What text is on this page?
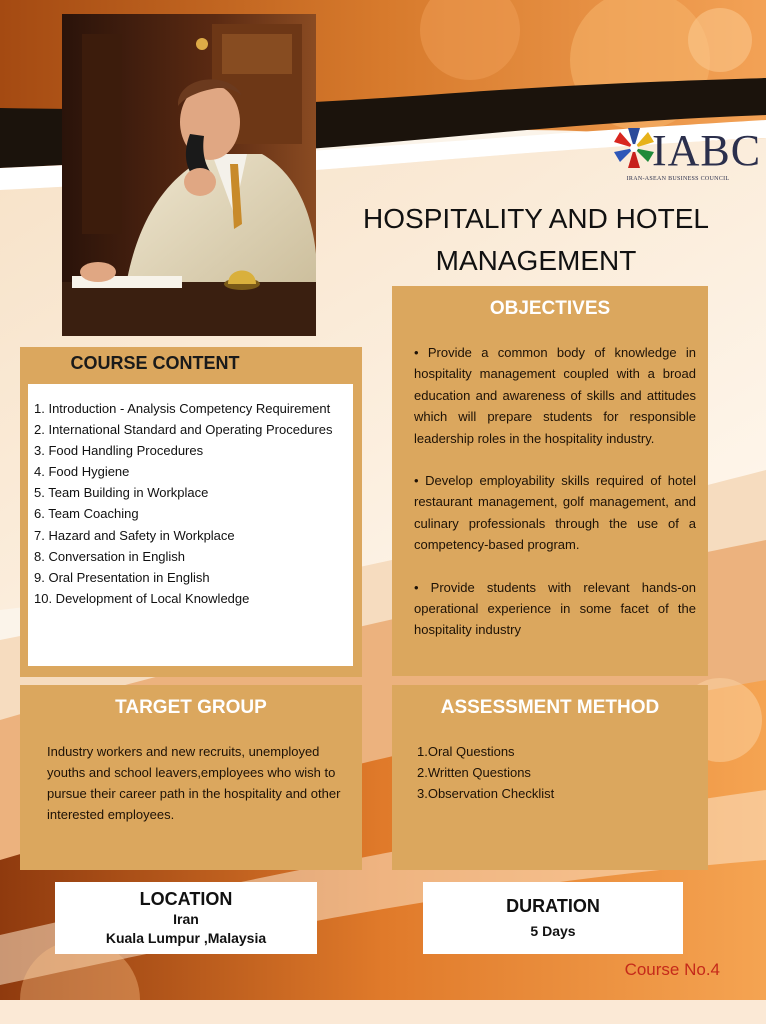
IABC
IRAN-ASEAN BUSINESS COUNCIL
HOSPITALITY AND HOTEL MANAGEMENT
OBJECTIVES

• Provide a common body of knowledge in hospitality management coupled with a broad education and awareness of skills and attitudes which will prepare students for responsible leadership roles in the hospitality industry.

• Develop employability skills required of hotel restaurant management, golf management, and culinary professionals through the use of a competency-based program.

• Provide students with relevant hands-on operational experience in some facet of the hospitality industry

COURSE CONTENT
1. Introduction - Analysis Competency Requirement
2. International Standard and Operating Procedures
3. Food Handling Procedures
4. Food Hygiene
5. Team Building in Workplace
6. Team Coaching
7. Hazard and Safety in Workplace
8. Conversation in English
9. Oral Presentation in English
10. Development of Local Knowledge
TARGET GROUP

Industry workers and new recruits, unemployed youths and school leavers,employees who wish to pursue their career path in the hospitality and other interested employees.

ASSESSMENT METHOD
1.Oral Questions
2.Written Questions
3.Observation Checklist
LOCATION
Iran
Kuala Lumpur ,Malaysia
DURATION
5 Days
Course No.4
